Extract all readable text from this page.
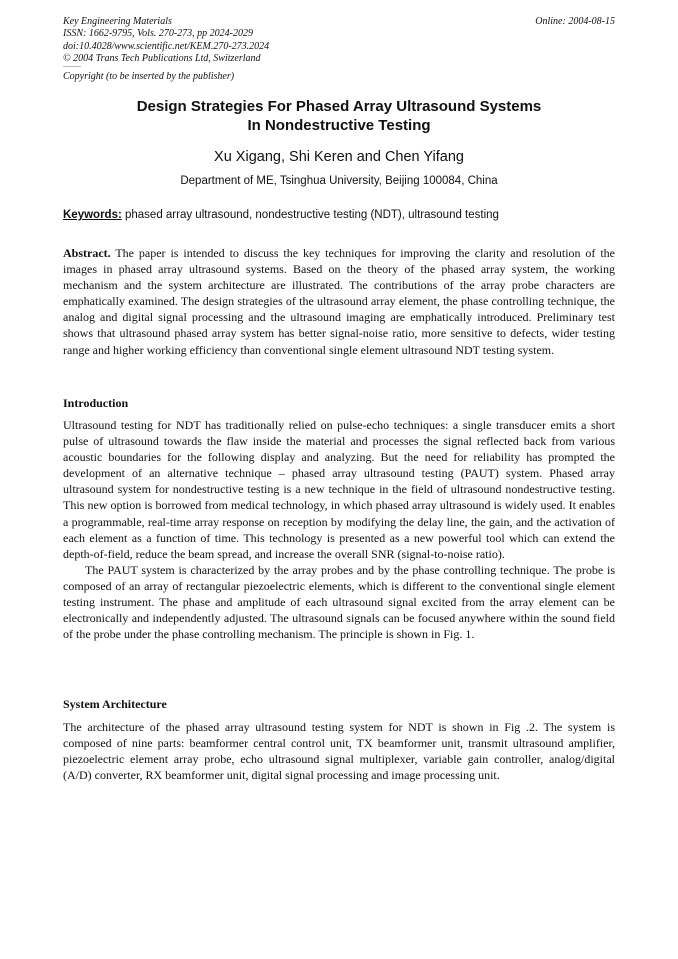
Key Engineering Materials
ISSN: 1662-9795, Vols. 270-273, pp 2024-2029
doi:10.4028/www.scientific.net/KEM.270-273.2024
© 2004 Trans Tech Publications Ltd, Switzerland
Online: 2004-08-15
Copyright (to be inserted by the publisher)
Design Strategies For Phased Array Ultrasound Systems
In Nondestructive Testing
Xu Xigang, Shi Keren and Chen Yifang
Department of ME, Tsinghua University, Beijing 100084, China
Keywords: phased array ultrasound, nondestructive testing (NDT), ultrasound testing

Abstract. The paper is intended to discuss the key techniques for improving the clarity and resolution of the images in phased array ultrasound systems. Based on the theory of the phased array system, the working mechanism and the system architecture are illustrated. The contributions of the array probe characters are emphatically examined. The design strategies of the ultrasound array element, the phase controlling technique, the analog and digital signal processing and the ultrasound imaging are emphatically introduced. Preliminary test shows that ultrasound phased array system has better signal-noise ratio, more sensitive to defects, wider testing range and higher working efficiency than conventional single element ultrasound NDT testing system.

Introduction

Ultrasound testing for NDT has traditionally relied on pulse-echo techniques: a single transducer emits a short pulse of ultrasound towards the flaw inside the material and processes the signal reflected back from various acoustic boundaries for the following display and analyzing. But the need for reliability has prompted the development of an alternative technique – phased array ultrasound testing (PAUT) system. Phased array ultrasound system for nondestructive testing is a new technique in the field of ultrasound nondestructive testing. This new option is borrowed from medical technology, in which phased array ultrasound is widely used. It enables a programmable, real-time array response on reception by modifying the delay line, the gain, and the activation of each element as a function of time. This technology is presented as a new powerful tool which can extend the depth-of-field, reduce the beam spread, and increase the overall SNR (signal-to-noise ratio).

The PAUT system is characterized by the array probes and by the phase controlling technique. The probe is composed of an array of rectangular piezoelectric elements, which is different to the conventional single element testing instrument. The phase and amplitude of each ultrasound signal excited from the array element can be electronically and independently adjusted. The ultrasound signals can be focused anywhere within the sound field of the probe under the phase controlling mechanism. The principle is shown in Fig. 1.

System Architecture

The architecture of the phased array ultrasound testing system for NDT is shown in Fig .2. The system is composed of nine parts: beamformer central control unit, TX beamformer unit, transmit ultrasound amplifier, piezoelectric element array probe, echo ultrasound signal multiplexer, variable gain controller, analog/digital (A/D) converter, RX beamformer unit, digital signal processing and image processing unit.
